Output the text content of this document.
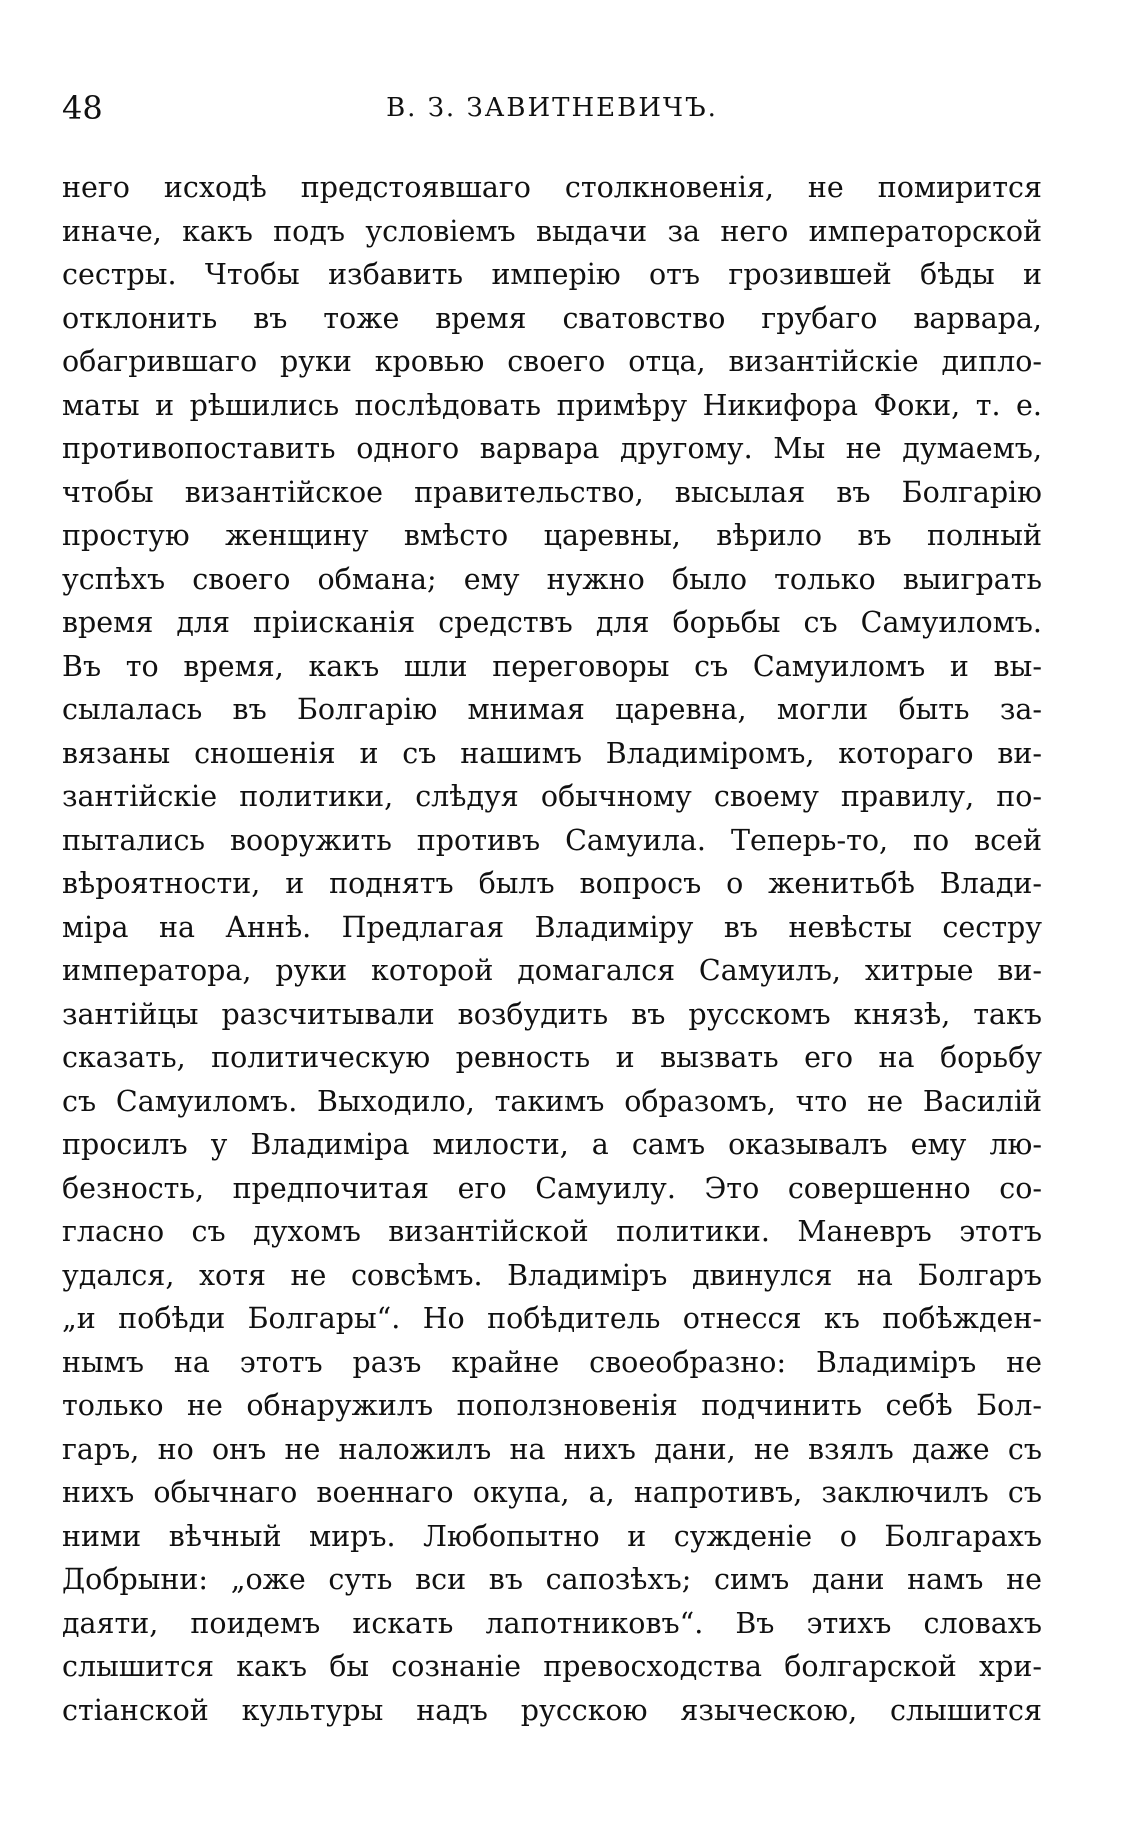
48	В. З. ЗАВИТНЕВИЧЪ.
него исходѣ предстоявшаго столкновенія, не помирится
иначе, какъ подъ условіемъ выдачи за него императорской
сестры. Чтобы избавить имперію отъ грозившей бѣды и
отклонить въ тоже время сватовство грубаго варвара,
обагрившаго руки кровью своего отца, византійскіе дипло-
маты и рѣшились послѣдовать примѣру Никифора Фоки, т. е.
противопоставить одного варвара другому. Мы не думаемъ,
чтобы византійское правительство, высылая въ Болгарію
простую женщину вмѣсто царевны, вѣрило въ полный
успѣхъ своего обмана; ему нужно было только выиграть
время для пріисканія средствъ для борьбы съ Самуиломъ.
Въ то время, какъ шли переговоры съ Самуиломъ и вы-
сылалась въ Болгарію мнимая царевна, могли быть за-
вязаны сношенія и съ нашимъ Владиміромъ, котораго ви-
зантійскіе политики, слѣдуя обычному своему правилу, по-
пытались вооружить противъ Самуила. Теперь-то, по всей
вѣроятности, и поднятъ былъ вопросъ о женитьбѣ Влади-
міра на Аннѣ. Предлагая Владиміру въ невѣсты сестру
императора, руки которой домагался Самуилъ, хитрые ви-
зантійцы разсчитывали возбудить въ русскомъ князѣ, такъ
сказать, политическую ревность и вызвать его на борьбу
съ Самуиломъ. Выходило, такимъ образомъ, что не Василій
просилъ у Владиміра милости, а самъ оказывалъ ему лю-
безность, предпочитая его Самуилу. Это совершенно со-
гласно съ духомъ византійской политики. Маневръ этотъ
удался, хотя не совсѣмъ. Владиміръ двинулся на Болгаръ
„и побѣди Болгары“. Но побѣдитель отнесся къ побѣжден-
нымъ на этотъ разъ крайне своеобразно: Владиміръ не
только не обнаружилъ поползновенія подчинить себѣ Бол-
гаръ, но онъ не наложилъ на нихъ дани, не взялъ даже съ
нихъ обычнаго военнаго окупа, а, напротивъ, заключилъ съ
ними вѣчный миръ. Любопытно и сужденіе о Болгарахъ
Добрыни: „оже суть вси въ сапозѣхъ; симъ дани намъ не
даяти, поидемъ искать лапотниковъ“. Въ этихъ словахъ
слышится какъ бы сознаніе превосходства болгарской хри-
стіанской культуры надъ русскою языческою, слышится
